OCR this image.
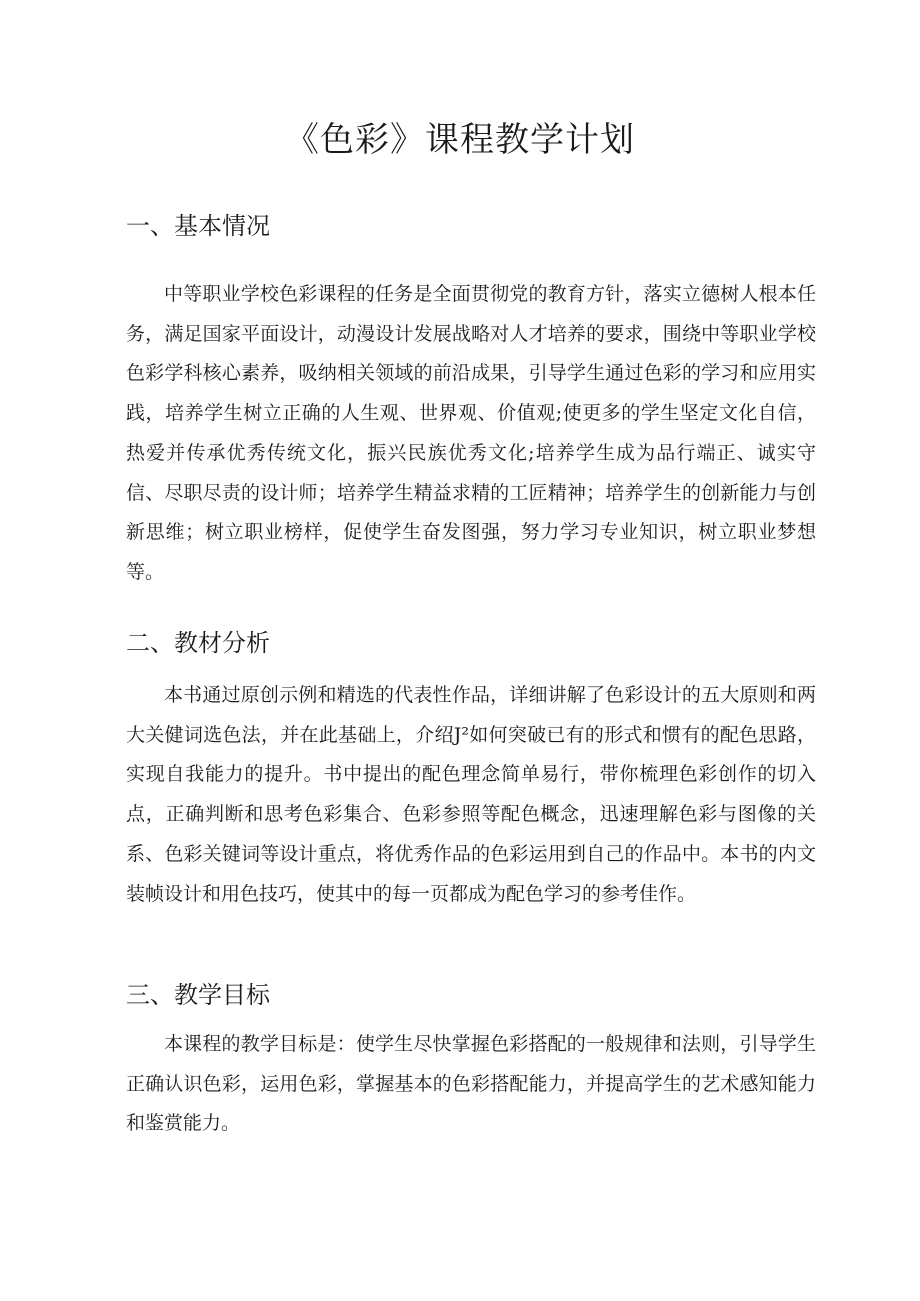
《色彩》课程教学计划
一、基本情况

中等职业学校色彩课程的任务是全面贯彻党的教育方针，落实立德树人根本任务，满足国家平面设计，动漫设计发展战略对人才培养的要求，围绕中等职业学校色彩学科核心素养，吸纳相关领域的前沿成果，引导学生通过色彩的学习和应用实践，培养学生树立正确的人生观、世界观、价值观;使更多的学生坚定文化自信，热爱并传承优秀传统文化，振兴民族优秀文化;培养学生成为品行端正、诚实守信、尽职尽责的设计师；培养学生精益求精的工匠精神；培养学生的创新能力与创新思维；树立职业榜样，促使学生奋发图强，努力学习专业知识，树立职业梦想等。

二、教材分析

本书通过原创示例和精选的代表性作品，详细讲解了色彩设计的五大原则和两大关健词选色法，并在此基础上，介绍J²如何突破已有的形式和惯有的配色思路，实现自我能力的提升。书中提出的配色理念简单易行，带你梳理色彩创作的切入点，正确判断和思考色彩集合、色彩参照等配色概念，迅速理解色彩与图像的关系、色彩关键词等设计重点，将优秀作品的色彩运用到自己的作品中。本书的内文装帧设计和用色技巧，使其中的每一页都成为配色学习的参考佳作。

三、教学目标

本课程的教学目标是：使学生尽快掌握色彩搭配的一般规律和法则，引导学生正确认识色彩，运用色彩，掌握基本的色彩搭配能力，并提高学生的艺术感知能力和鉴赏能力。
